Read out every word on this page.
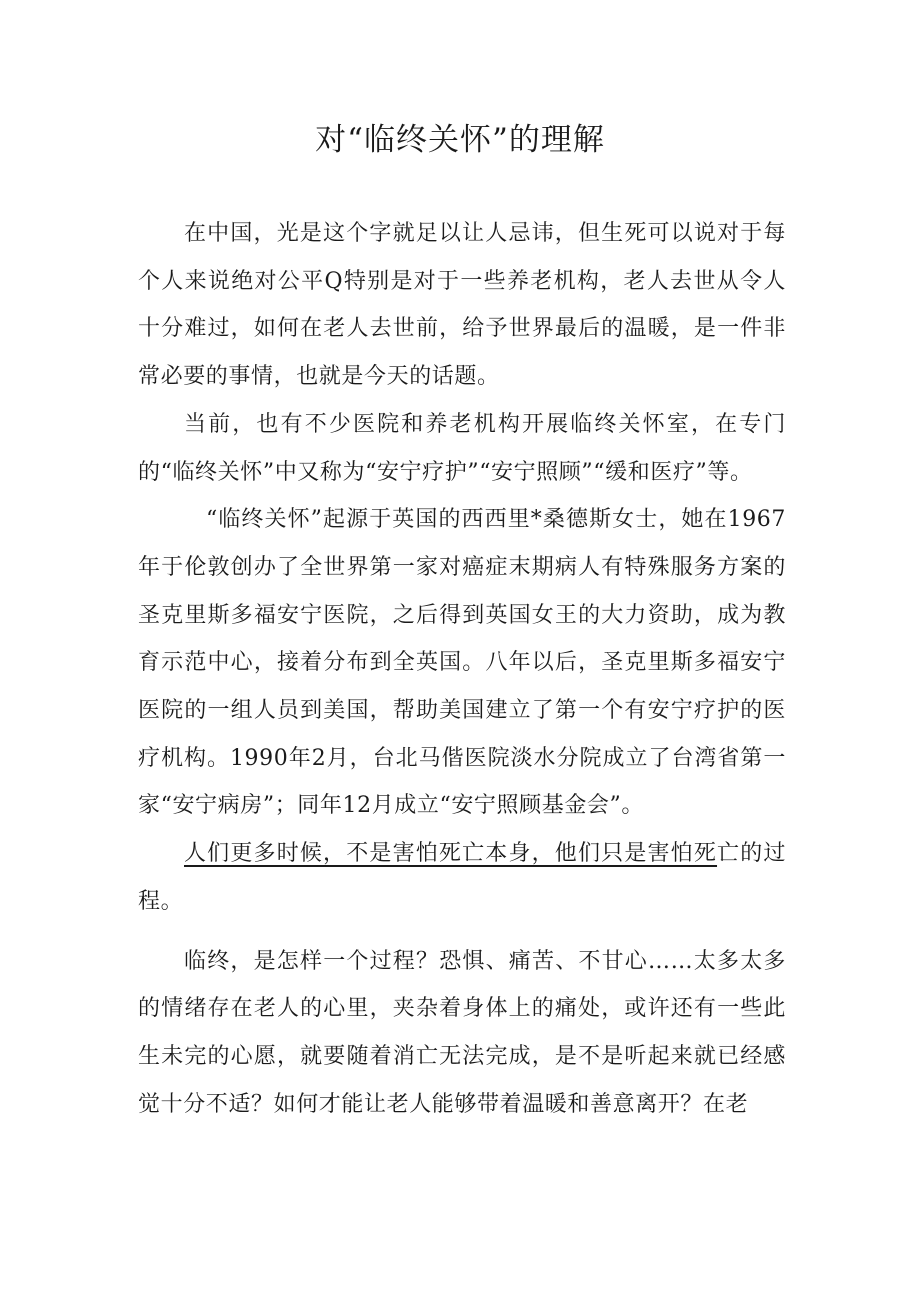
对“临终关怀”的理解

在中国，光是这个字就足以让人忌讳，但生死可以说对于每个人来说绝对公平Q特别是对于一些养老机构，老人去世从令人十分难过，如何在老人去世前，给予世界最后的温暖，是一件非常必要的事情，也就是今天的话题。

当前，也有不少医院和养老机构开展临终关怀室，在专门的“临终关怀”中又称为“安宁疗护”“安宁照顾”“缓和医疗”等。

“临终关怀”起源于英国的西西里*桑德斯女士，她在1967年于伦敦创办了全世界第一家对癌症末期病人有特殊服务方案的圣克里斯多福安宁医院，之后得到英国女王的大力资助，成为教育示范中心，接着分布到全英国。八年以后，圣克里斯多福安宁医院的一组人员到美国，帮助美国建立了第一个有安宁疗护的医疗机构。1990年2月，台北马偕医院淡水分院成立了台湾省第一家“安宁病房”；同年12月成立“安宁照顾基金会”。

人们更多时候，不是害怕死亡本身，他们只是害怕死亡的过程。

临终，是怎样一个过程？恐惧、痛苦、不甘心……太多太多的情绪存在老人的心里，夹杂着身体上的痛处，或许还有一些此生未完的心愿，就要随着消亡无法完成，是不是听起来就已经感觉十分不适？如何才能让老人能够带着温暖和善意离开？在老
